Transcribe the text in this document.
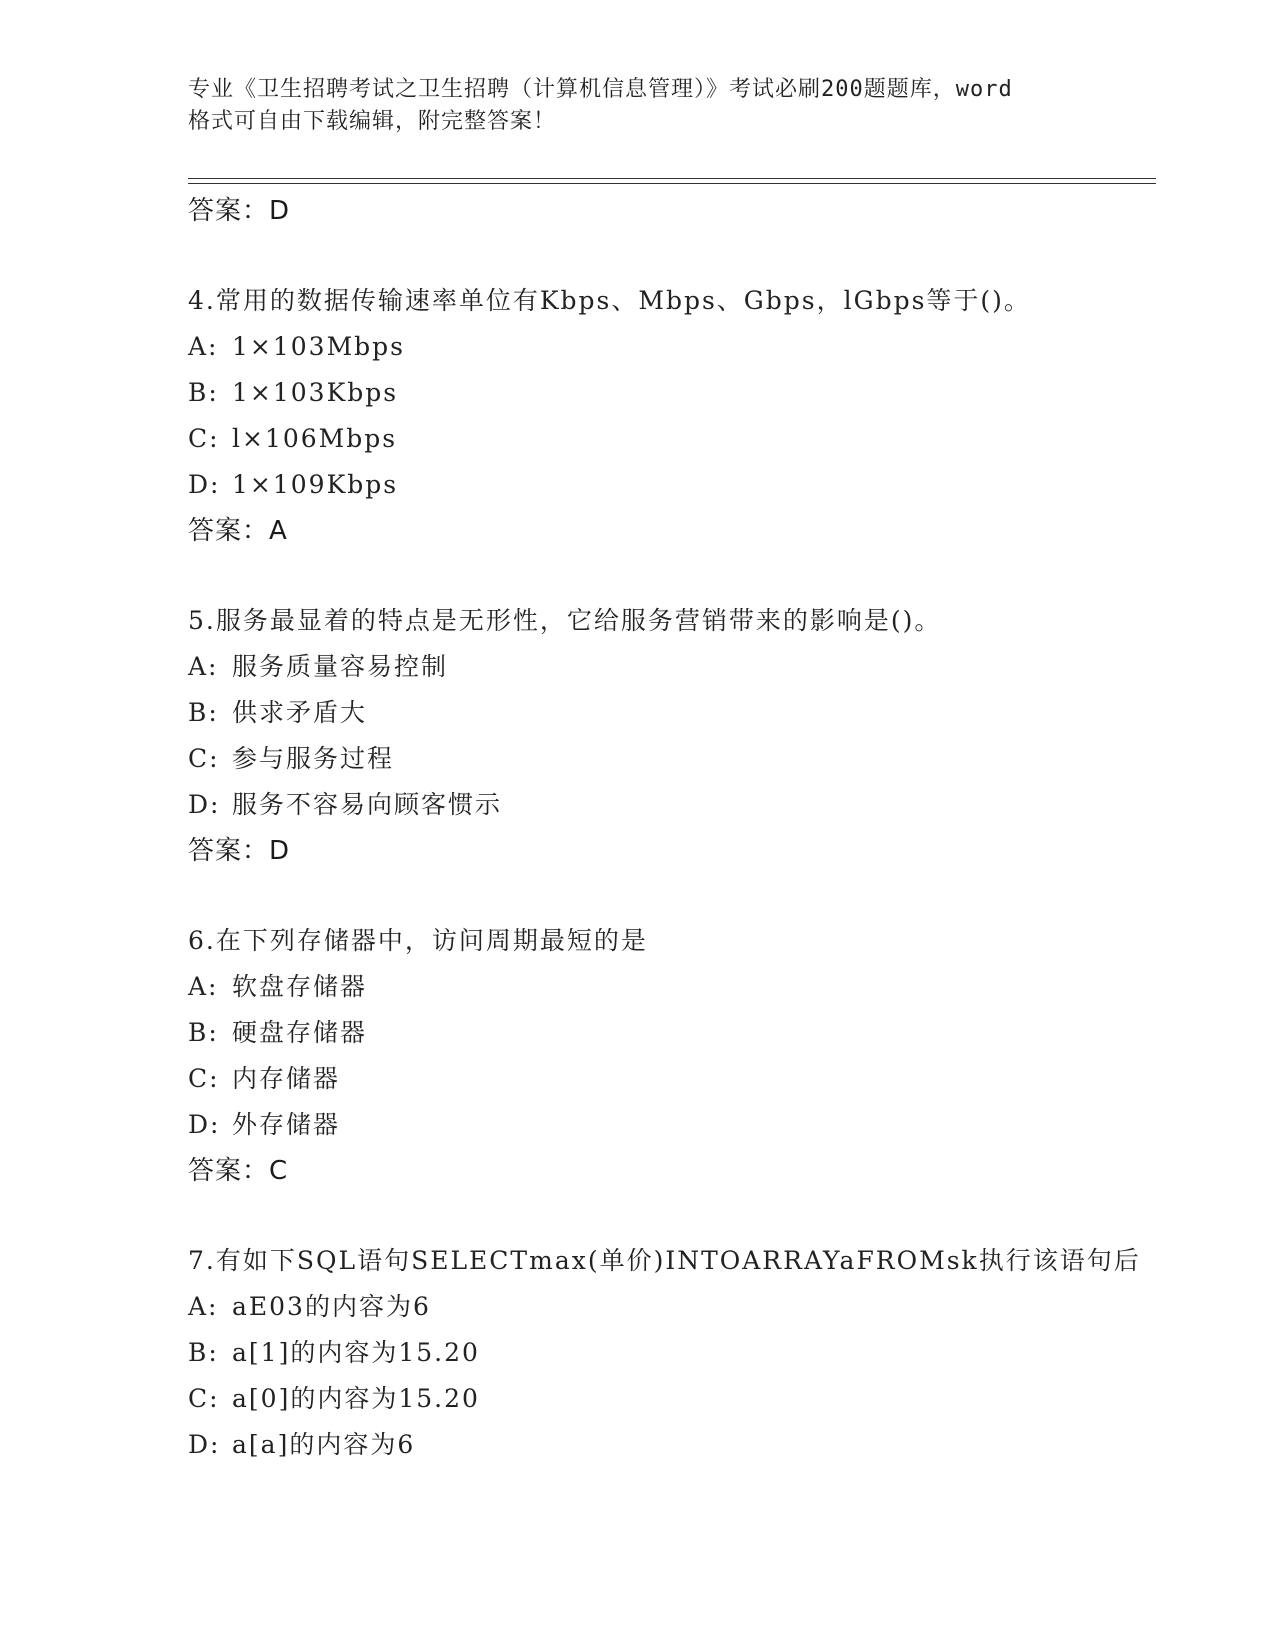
专业《卫生招聘考试之卫生招聘（计算机信息管理）》考试必刷200题题库，word
格式可自由下载编辑，附完整答案！
答案：D
4.常用的数据传输速率单位有Kbps、Mbps、Gbps，lGbps等于()。
A: 1×103Mbps
B: 1×103Kbps
C: l×106Mbps
D: 1×109Kbps
答案：A
5.服务最显着的特点是无形性，它给服务营销带来的影响是()。
A: 服务质量容易控制
B: 供求矛盾大
C: 参与服务过程
D: 服务不容易向顾客惯示
答案：D
6.在下列存储器中，访问周期最短的是
A: 软盘存储器
B: 硬盘存储器
C: 内存储器
D: 外存储器
答案：C
7.有如下SQL语句SELECTmax(单价)INTOARRAYaFROMsk执行该语句后
A: aE03的内容为6
B: a[1]的内容为15.20
C: a[0]的内容为15.20
D: a[a]的内容为6
